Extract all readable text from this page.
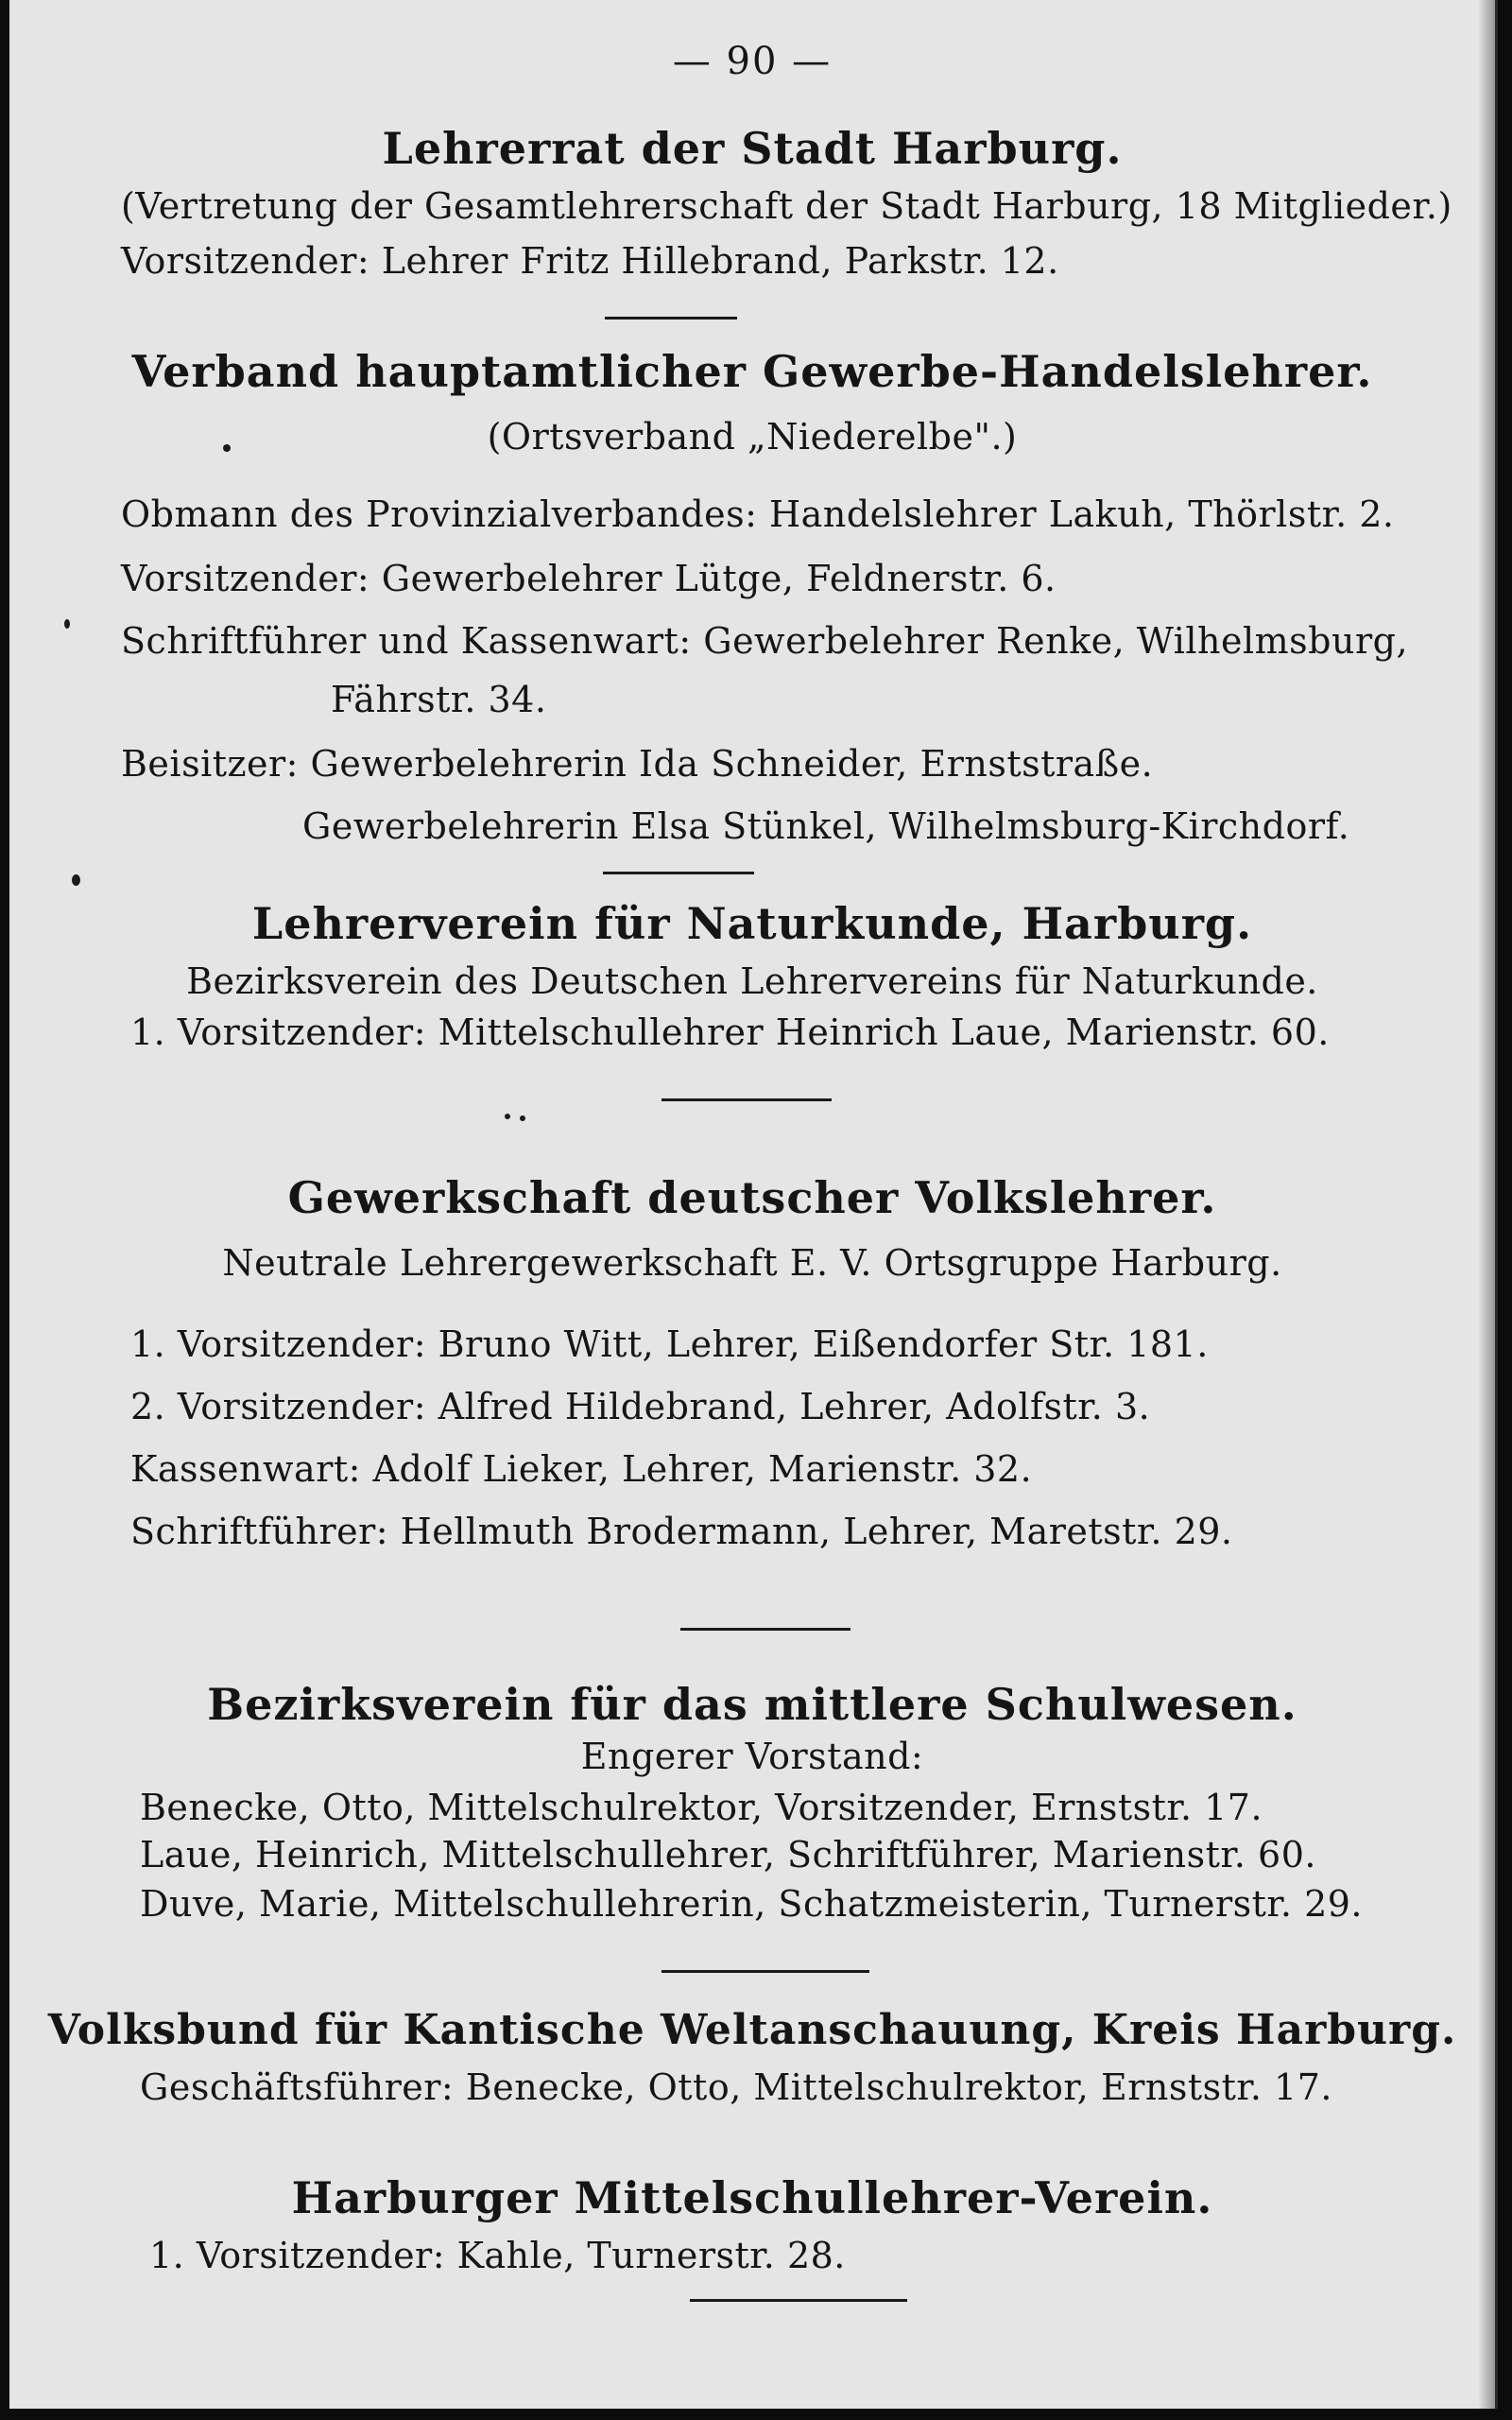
— 90 —
Lehrerrat der Stadt Harburg.
(Vertretung der Gesamtlehrerschaft der Stadt Harburg, 18 Mitglieder.)
Vorsitzender: Lehrer Fritz Hillebrand, Parkstr. 12.
Verband hauptamtlicher Gewerbe-Handelslehrer.
(Ortsverband „Niederelbe".)
Obmann des Provinzialverbandes: Handelslehrer Lakuh, Thörlstr. 2.
Vorsitzender: Gewerbelehrer Lütge, Feldnerstr. 6.
Schriftführer und Kassenwart: Gewerbelehrer Renke, Wilhelmsburg,
Fährstr. 34.
Beisitzer: Gewerbelehrerin Ida Schneider, Ernststraße.
Gewerbelehrerin Elsa Stünkel, Wilhelmsburg-Kirchdorf.
Lehrerverein für Naturkunde, Harburg.
Bezirksverein des Deutschen Lehrervereins für Naturkunde.
1. Vorsitzender: Mittelschullehrer Heinrich Laue, Marienstr. 60.
Gewerkschaft deutscher Volkslehrer.
Neutrale Lehrergewerkschaft E. V. Ortsgruppe Harburg.
1. Vorsitzender: Bruno Witt, Lehrer, Eißendorfer Str. 181.
2. Vorsitzender: Alfred Hildebrand, Lehrer, Adolfstr. 3.
Kassenwart: Adolf Lieker, Lehrer, Marienstr. 32.
Schriftführer: Hellmuth Brodermann, Lehrer, Maretstr. 29.
Bezirksverein für das mittlere Schulwesen.
Engerer Vorstand:
Benecke, Otto, Mittelschulrektor, Vorsitzender, Ernststr. 17.
Laue, Heinrich, Mittelschullehrer, Schriftführer, Marienstr. 60.
Duve, Marie, Mittelschullehrerin, Schatzmeisterin, Turnerstr. 29.
Volksbund für Kantische Weltanschauung, Kreis Harburg.
Geschäftsführer: Benecke, Otto, Mittelschulrektor, Ernststr. 17.
Harburger Mittelschullehrer-Verein.
1. Vorsitzender: Kahle, Turnerstr. 28.
